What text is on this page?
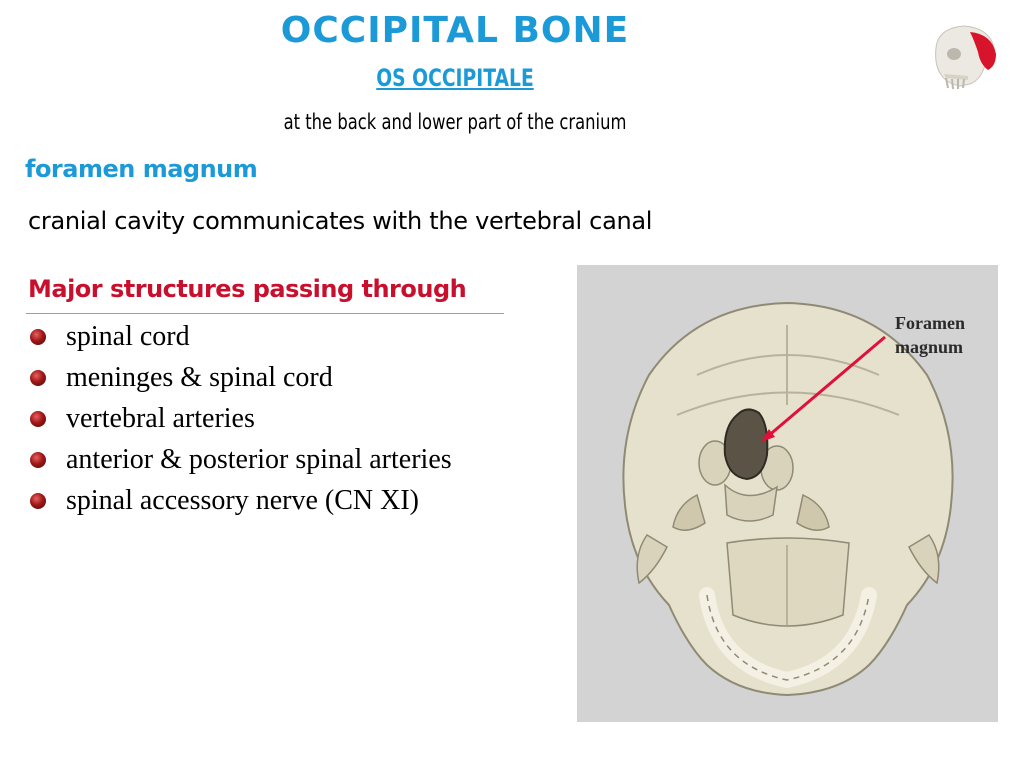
OCCIPITAL BONE
OS OCCIPITALE
at the back and lower part of the cranium
foramen magnum
cranial cavity communicates with the vertebral canal
Major structures passing through
spinal cord
meninges & spinal cord
vertebral arteries
anterior & posterior spinal arteries
spinal accessory nerve (CN XI)
Foramen
magnum
